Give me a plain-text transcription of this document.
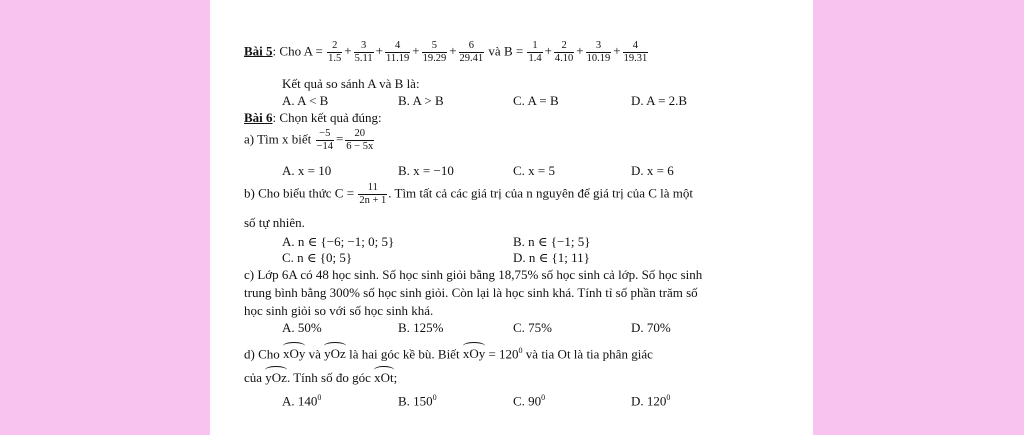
Bài 5: Cho $A = \frac{2}{1.5} + \frac{3}{5.11} + \frac{4}{11.19} + \frac{5}{19.29} + \frac{6}{29.41}$ và $B = \frac{1}{1.4} + \frac{2}{4.10} + \frac{3}{10.19} + \frac{4}{19.31}$
Kết quả so sánh A và B là:
A. A < B	B. A > B	C. A = B	D. A = 2.B
Bài 6: Chọn kết quả đúng:
a) Tìm x biết $\frac{-5}{-14} = \frac{20}{6 - 5x}$
A. x = 10	B. x = −10	C. x = 5	D. x = 6
b) Cho biểu thức $C = \frac{11}{2n + 1}$ . Tìm tất cả các giá trị của n nguyên để giá trị của C là một
số tự nhiên.
A. n ∈ {−6; −1; 0; 5}	B. n ∈ {−1; 5}
C. n ∈ {0; 5}	D. n ∈ {1; 11}
c) Lớp 6A có 48 học sinh. Số học sinh giỏi bằng 18,75% số học sinh cả lớp. Số học sinh
trung bình bằng 300% số học sinh giỏi. Còn lại là học sinh khá. Tính tỉ số phần trăm số
học sinh giỏi so với số học sinh khá.
A. 50%	B. 125%	C. 75%	D. 70%
d) Cho xOy và yOz là hai góc kề bù. Biết xOy = $120^0$ và tia Ot là tia phân giác
của yOz. Tính số đo góc xOt;
A. $140^0$	B. $150^0$	C. $90^0$	D. $120^0$
